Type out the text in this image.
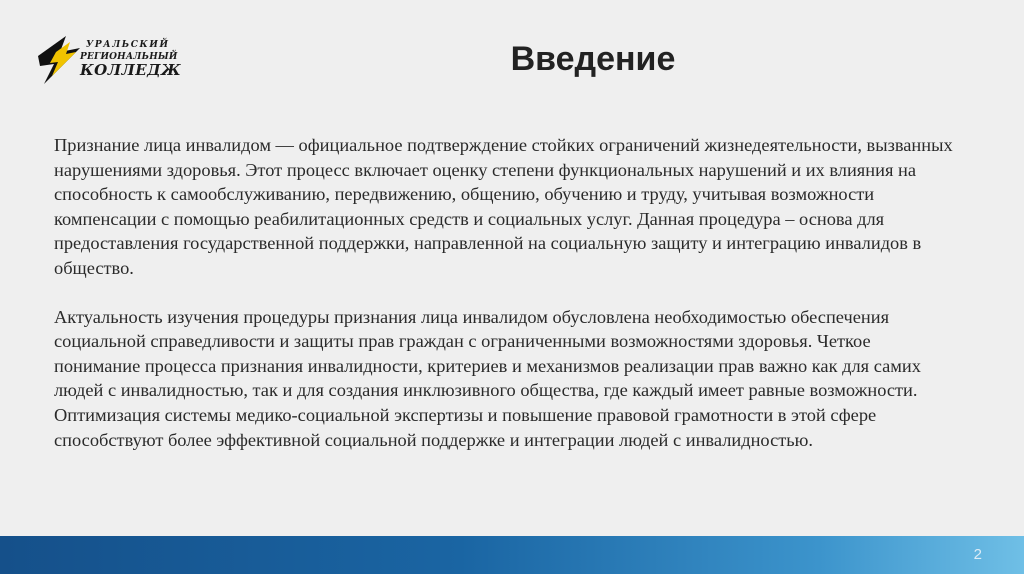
УРАЛЬСКИЙ
РЕГИОНАЛЬНЫЙ
КОЛЛЕДЖ	Введение

Признание лица инвалидом — официальное подтверждение стойких ограничений жизнедеятельности, вызванных нарушениями здоровья. Этот процесс включает оценку степени функциональных нарушений и их влияния на способность к самообслуживанию, передвижению, общению, обучению и труду, учитывая возможности компенсации с помощью реабилитационных средств и социальных услуг. Данная процедура – основа для предоставления государственной поддержки, направленной на социальную защиту и интеграцию инвалидов в общество.

Актуальность изучения процедуры признания лица инвалидом обусловлена необходимостью обеспечения социальной справедливости и защиты прав граждан с ограниченными возможностями здоровья. Четкое понимание процесса признания инвалидности, критериев и механизмов реализации прав важно как для самих людей с инвалидностью, так и для создания инклюзивного общества, где каждый имеет равные возможности. Оптимизация системы медико-социальной экспертизы и повышение правовой грамотности в этой сфере способствуют более эффективной социальной поддержке и интеграции людей с инвалидностью.

2
